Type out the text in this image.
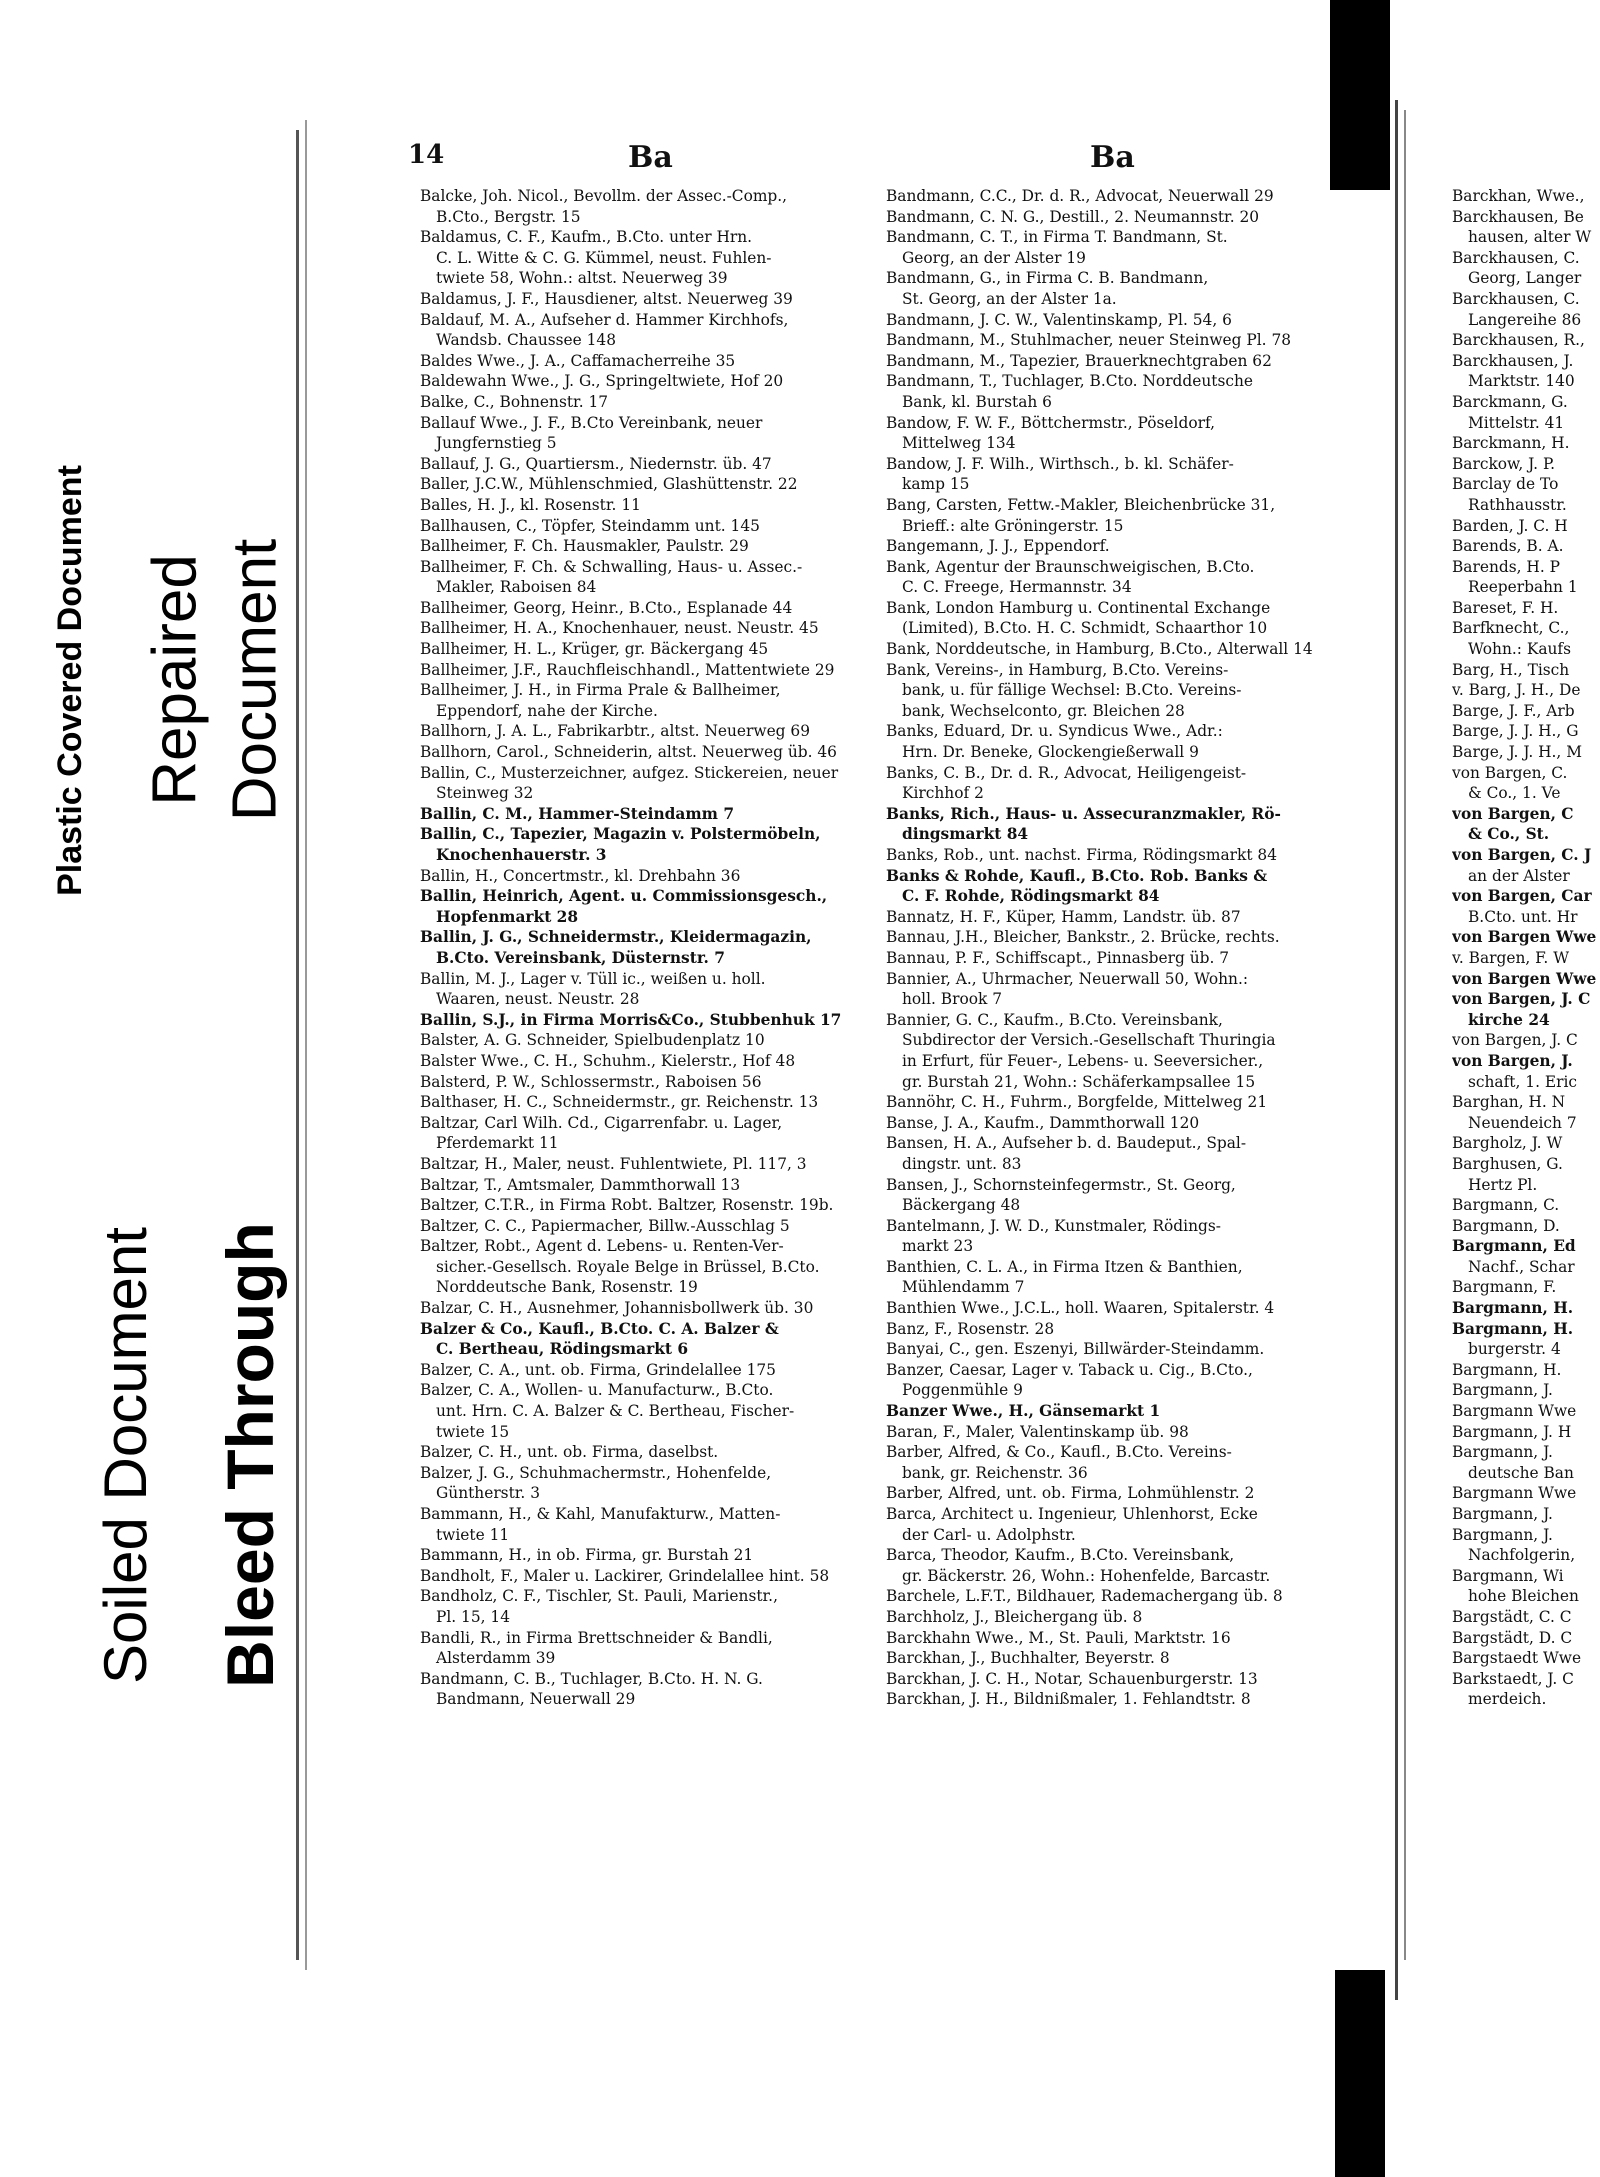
Plastic Covered Document Repaired Document
Soiled Document Bleed Through
14	Ba	Ba
Balcke, Joh. Nicol., Bevollm. der Assec.-Comp.,
B.Cto., Bergstr. 15
Baldamus, C. F., Kaufm., B.Cto. unter Hrn.
C. L. Witte & C. G. Kümmel, neust. Fuhlen-
twiete 58, Wohn.: altst. Neuerweg 39
Baldamus, J. F., Hausdiener, altst. Neuerweg 39
Baldauf, M. A., Aufseher d. Hammer Kirchhofs,
Wandsb. Chaussee 148
Baldes Wwe., J. A., Caffamacherreihe 35
Baldewahn Wwe., J. G., Springeltwiete, Hof 20
Balke, C., Bohnenstr. 17
Ballauf Wwe., J. F., B.Cto Vereinbank, neuer
Jungfernstieg 5
Ballauf, J. G., Quartiersm., Niedernstr. üb. 47
Baller, J.C.W., Mühlenschmied, Glashüttenstr. 22
Balles, H. J., kl. Rosenstr. 11
Ballhausen, C., Töpfer, Steindamm unt. 145
Ballheimer, F. Ch. Hausmakler, Paulstr. 29
Ballheimer, F. Ch. & Schwalling, Haus- u. Assec.-
Makler, Raboisen 84
Ballheimer, Georg, Heinr., B.Cto., Esplanade 44
Ballheimer, H. A., Knochenhauer, neust. Neustr. 45
Ballheimer, H. L., Krüger, gr. Bäckergang 45
Ballheimer, J.F., Rauchfleischhandl., Mattentwiete 29
Ballheimer, J. H., in Firma Prale & Ballheimer,
Eppendorf, nahe der Kirche.
Ballhorn, J. A. L., Fabrikarbtr., altst. Neuerweg 69
Ballhorn, Carol., Schneiderin, altst. Neuerweg üb. 46
Ballin, C., Musterzeichner, aufgez. Stickereien, neuer
Steinweg 32
Ballin, C. M., Hammer-Steindamm 7
Ballin, C., Tapezier, Magazin v. Polstermöbeln,
Knochenhauerstr. 3
Ballin, H., Concertmstr., kl. Drehbahn 36
Ballin, Heinrich, Agent. u. Commissionsgesch.,
Hopfenmarkt 28
Ballin, J. G., Schneidermstr., Kleidermagazin,
B.Cto. Vereinsbank, Düsternstr. 7
Ballin, M. J., Lager v. Tüll ic., weißen u. holl.
Waaren, neust. Neustr. 28
Ballin, S.J., in Firma Morris&Co., Stubbenhuk 17
Balster, A. G. Schneider, Spielbudenplatz 10
Balster Wwe., C. H., Schuhm., Kielerstr., Hof 48
Balsterd, P. W., Schlossermstr., Raboisen 56
Balthaser, H. C., Schneidermstr., gr. Reichenstr. 13
Baltzar, Carl Wilh. Cd., Cigarrenfabr. u. Lager,
Pferdemarkt 11
Baltzar, H., Maler, neust. Fuhlentwiete, Pl. 117, 3
Baltzar, T., Amtsmaler, Dammthorwall 13
Baltzer, C.T.R., in Firma Robt. Baltzer, Rosenstr. 19b.
Baltzer, C. C., Papiermacher, Billw.-Ausschlag 5
Baltzer, Robt., Agent d. Lebens- u. Renten-Ver-
sicher.-Gesellsch. Royale Belge in Brüssel, B.Cto.
Norddeutsche Bank, Rosenstr. 19
Balzar, C. H., Ausnehmer, Johannisbollwerk üb. 30
Balzer & Co., Kaufl., B.Cto. C. A. Balzer &
C. Bertheau, Rödingsmarkt 6
Balzer, C. A., unt. ob. Firma, Grindelallee 175
Balzer, C. A., Wollen- u. Manufacturw., B.Cto.
unt. Hrn. C. A. Balzer & C. Bertheau, Fischer-
twiete 15
Balzer, C. H., unt. ob. Firma, daselbst.
Balzer, J. G., Schuhmachermstr., Hohenfelde,
Güntherstr. 3
Bammann, H., & Kahl, Manufakturw., Matten-
twiete 11
Bammann, H., in ob. Firma, gr. Burstah 21
Bandholt, F., Maler u. Lackirer, Grindelallee hint. 58
Bandholz, C. F., Tischler, St. Pauli, Marienstr.,
Pl. 15, 14
Bandli, R., in Firma Brettschneider & Bandli,
Alsterdamm 39
Bandmann, C. B., Tuchlager, B.Cto. H. N. G.
Bandmann, Neuerwall 29
Bandmann, C.C., Dr. d. R., Advocat, Neuerwall 29
Bandmann, C. N. G., Destill., 2. Neumannstr. 20
Bandmann, C. T., in Firma T. Bandmann, St.
Georg, an der Alster 19
Bandmann, G., in Firma C. B. Bandmann,
St. Georg, an der Alster 1a.
Bandmann, J. C. W., Valentinskamp, Pl. 54, 6
Bandmann, M., Stuhlmacher, neuer Steinweg Pl. 78
Bandmann, M., Tapezier, Brauerknechtgraben 62
Bandmann, T., Tuchlager, B.Cto. Norddeutsche
Bank, kl. Burstah 6
Bandow, F. W. F., Böttchermstr., Pöseldorf,
Mittelweg 134
Bandow, J. F. Wilh., Wirthsch., b. kl. Schäfer-
kamp 15
Bang, Carsten, Fettw.-Makler, Bleichenbrücke 31,
Brieff.: alte Gröningerstr. 15
Bangemann, J. J., Eppendorf.
Bank, Agentur der Braunschweigischen, B.Cto.
C. C. Freege, Hermannstr. 34
Bank, London Hamburg u. Continental Exchange
(Limited), B.Cto. H. C. Schmidt, Schaarthor 10
Bank, Norddeutsche, in Hamburg, B.Cto., Alterwall 14
Bank, Vereins-, in Hamburg, B.Cto. Vereins-
bank, u. für fällige Wechsel: B.Cto. Vereins-
bank, Wechselconto, gr. Bleichen 28
Banks, Eduard, Dr. u. Syndicus Wwe., Adr.:
Hrn. Dr. Beneke, Glockengießerwall 9
Banks, C. B., Dr. d. R., Advocat, Heiligengeist-
Kirchhof 2
Banks, Rich., Haus- u. Assecuranzmakler, Rö-
dingsmarkt 84
Banks, Rob., unt. nachst. Firma, Rödingsmarkt 84
Banks & Rohde, Kaufl., B.Cto. Rob. Banks &
C. F. Rohde, Rödingsmarkt 84
Bannatz, H. F., Küper, Hamm, Landstr. üb. 87
Bannau, J.H., Bleicher, Bankstr., 2. Brücke, rechts.
Bannau, P. F., Schiffscapt., Pinnasberg üb. 7
Bannier, A., Uhrmacher, Neuerwall 50, Wohn.:
holl. Brook 7
Bannier, G. C., Kaufm., B.Cto. Vereinsbank,
Subdirector der Versich.-Gesellschaft Thuringia
in Erfurt, für Feuer-, Lebens- u. Seeversicher.,
gr. Burstah 21, Wohn.: Schäferkampsallee 15
Bannöhr, C. H., Fuhrm., Borgfelde, Mittelweg 21
Banse, J. A., Kaufm., Dammthorwall 120
Bansen, H. A., Aufseher b. d. Baudeput., Spal-
dingstr. unt. 83
Bansen, J., Schornsteinfegermstr., St. Georg,
Bäckergang 48
Bantelmann, J. W. D., Kunstmaler, Rödings-
markt 23
Banthien, C. L. A., in Firma Itzen & Banthien,
Mühlendamm 7
Banthien Wwe., J.C.L., holl. Waaren, Spitalerstr. 4
Banz, F., Rosenstr. 28
Banyai, C., gen. Eszenyi, Billwärder-Steindamm.
Banzer, Caesar, Lager v. Taback u. Cig., B.Cto.,
Poggenmühle 9
Banzer Wwe., H., Gänsemarkt 1
Baran, F., Maler, Valentinskamp üb. 98
Barber, Alfred, & Co., Kaufl., B.Cto. Vereins-
bank, gr. Reichenstr. 36
Barber, Alfred, unt. ob. Firma, Lohmühlenstr. 2
Barca, Architect u. Ingenieur, Uhlenhorst, Ecke
der Carl- u. Adolphstr.
Barca, Theodor, Kaufm., B.Cto. Vereinsbank,
gr. Bäckerstr. 26, Wohn.: Hohenfelde, Barcastr.
Barchele, L.F.T., Bildhauer, Rademachergang üb. 8
Barchholz, J., Bleichergang üb. 8
Barckhahn Wwe., M., St. Pauli, Marktstr. 16
Barckhan, J., Buchhalter, Beyerstr. 8
Barckhan, J. C. H., Notar, Schauenburgerstr. 13
Barckhan, J. H., Bildnißmaler, 1. Fehlandtstr. 8
Barckhan, Wwe.,
Barckhausen, Be
hausen, alter W
Barckhausen, C.
Georg, Langer
Barckhausen, C.
Langereihe 86
Barckhausen, R.,
Barckhausen, J.
Marktstr. 140
Barckmann, G.
Mittelstr. 41
Barckmann, H.
Barckow, J. P.
Barclay de To
Rathhausstr.
Barden, J. C. H
Barends, B. A.
Barends, H. P
Reeperbahn 1
Bareset, F. H.
Barfknecht, C.,
Wohn.: Kaufs
Barg, H., Tisch
v. Barg, J. H., De
Barge, J. F., Arb
Barge, J. J. H., G
Barge, J. J. H., M
von Bargen, C.
& Co., 1. Ve
von Bargen, C
& Co., St.
von Bargen, C. J
an der Alster
von Bargen, Car
B.Cto. unt. Hr
von Bargen Wwe
v. Bargen, F. W
von Bargen Wwe
von Bargen, J. C
kirche 24
von Bargen, J. C
von Bargen, J.
schaft, 1. Eric
Barghan, H. N
Neuendeich 7
Bargholz, J. W
Barghusen, G.
Hertz Pl.
Bargmann, C.
Bargmann, D.
Bargmann, Ed
Nachf., Schar
Bargmann, F.
Bargmann, H.
Bargmann, H.
burgerstr. 4
Bargmann, H.
Bargmann, J.
Bargmann Wwe
Bargmann, J. H
Bargmann, J.
deutsche Ban
Bargmann Wwe
Bargmann, J.
Bargmann, J.
Nachfolgerin,
Bargmann, Wi
hohe Bleichen
Bargstädt, C. C
Bargstädt, D. C
Bargstaedt Wwe
Barkstaedt, J. C
merdeich.
